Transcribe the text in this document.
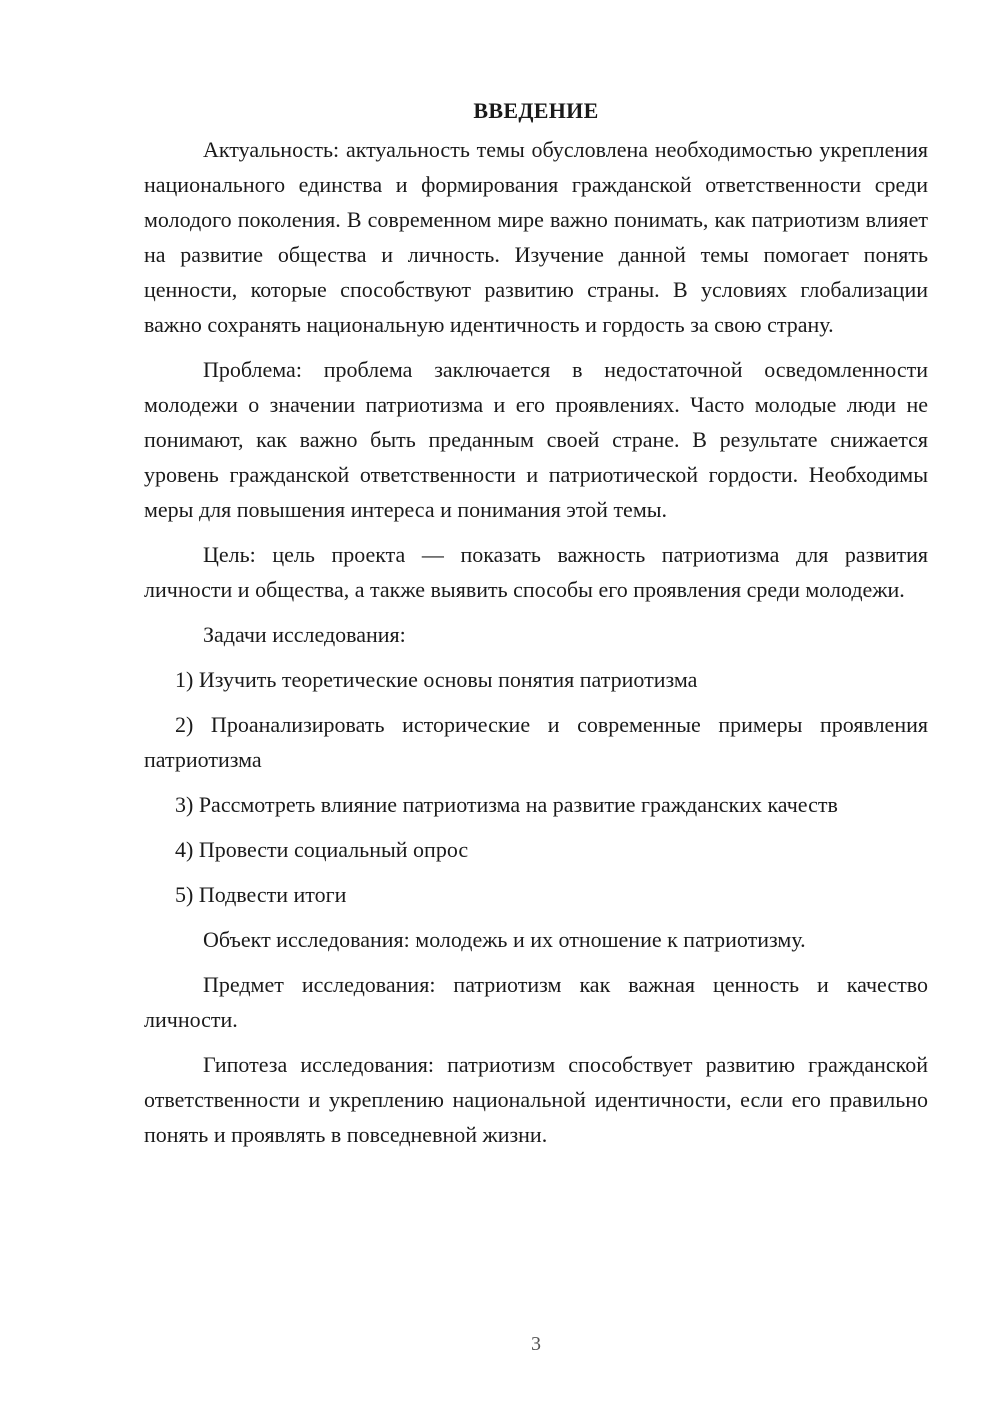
ВВЕДЕНИЕ

Актуальность: актуальность темы обусловлена необходимостью укрепления национального единства и формирования гражданской ответственности среди молодого поколения. В современном мире важно понимать, как патриотизм влияет на развитие общества и личность. Изучение данной темы помогает понять ценности, которые способствуют развитию страны. В условиях глобализации важно сохранять национальную идентичность и гордость за свою страну.

Проблема: проблема заключается в недостаточной осведомленности молодежи о значении патриотизма и его проявлениях. Часто молодые люди не понимают, как важно быть преданным своей стране. В результате снижается уровень гражданской ответственности и патриотической гордости. Необходимы меры для повышения интереса и понимания этой темы.

Цель: цель проекта — показать важность патриотизма для развития личности и общества, а также выявить способы его проявления среди молодежи.

Задачи исследования:

1) Изучить теоретические основы понятия патриотизма

2) Проанализировать исторические и современные примеры проявления патриотизма

3) Рассмотреть влияние патриотизма на развитие гражданских качеств

4) Провести социальный опрос

5) Подвести итоги

Объект исследования: молодежь и их отношение к патриотизму.

Предмет исследования: патриотизм как важная ценность и качество личности.

Гипотеза исследования: патриотизм способствует развитию гражданской ответственности и укреплению национальной идентичности, если его правильно понять и проявлять в повседневной жизни.

3
